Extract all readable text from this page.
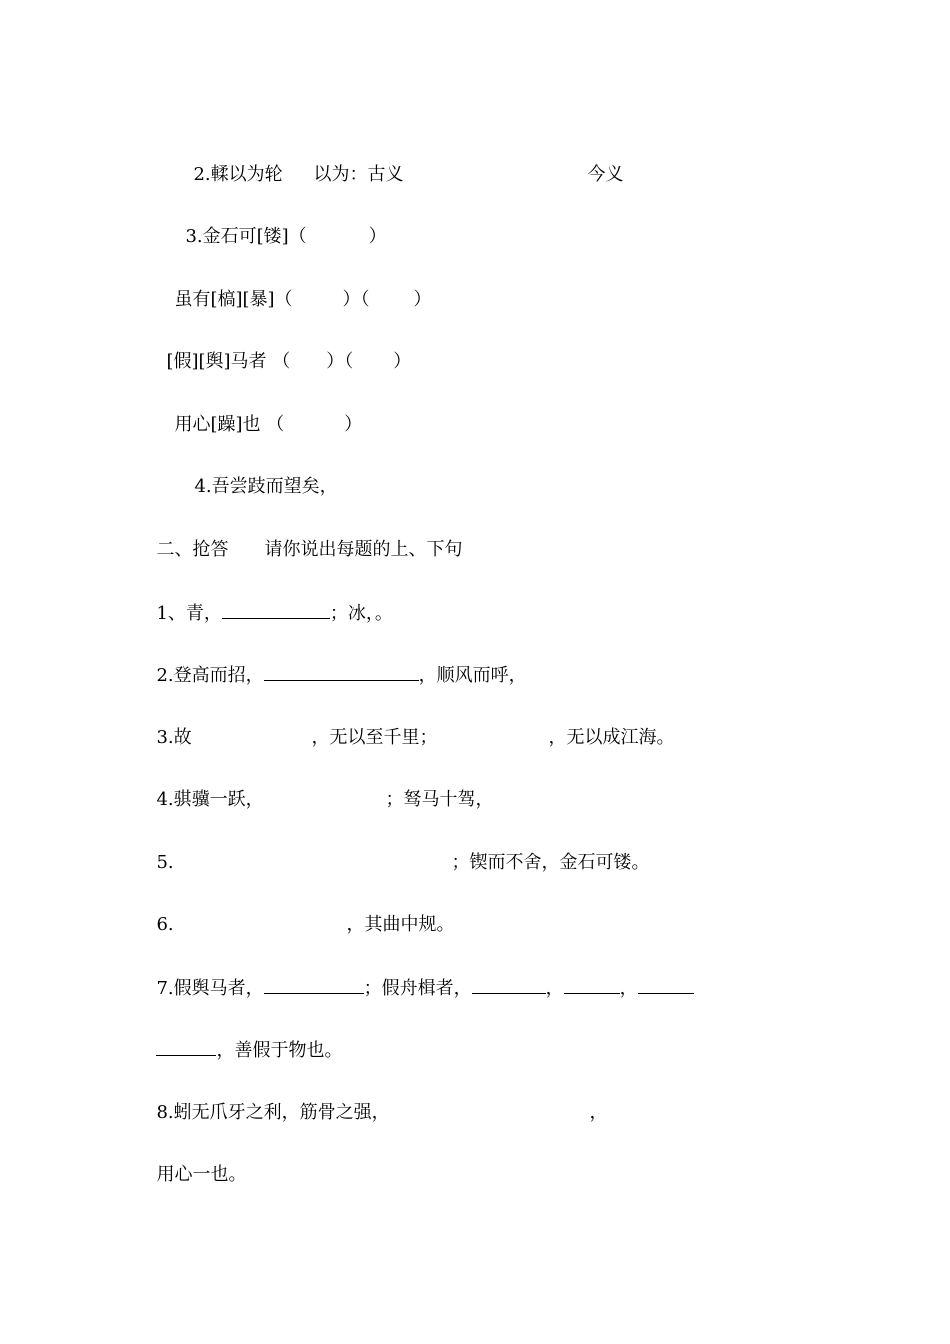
2.輮以为轮	以为：古义	今义

3.金石可[镂]（	）

虽有[槁][暴]（	）（ ）

[假][舆]马者 （ ）（ ）

用心[躁]也 （	）

4.吾尝跂而望矣，

二、抢答	请你说出每题的上、下句

1、青，	；冰，。

2.登高而招，	，顺风而呼，

3.故	，无以至千里；	，无以成江海。

4.骐骥一跃，	；驽马十驾，

5.	；锲而不舍，金石可镂。

6.	，其曲中规。

7.假舆马者，	；假舟楫者，	，	，

，善假于物也。

8.蚓无爪牙之利，筋骨之强，	，

用心一也。
